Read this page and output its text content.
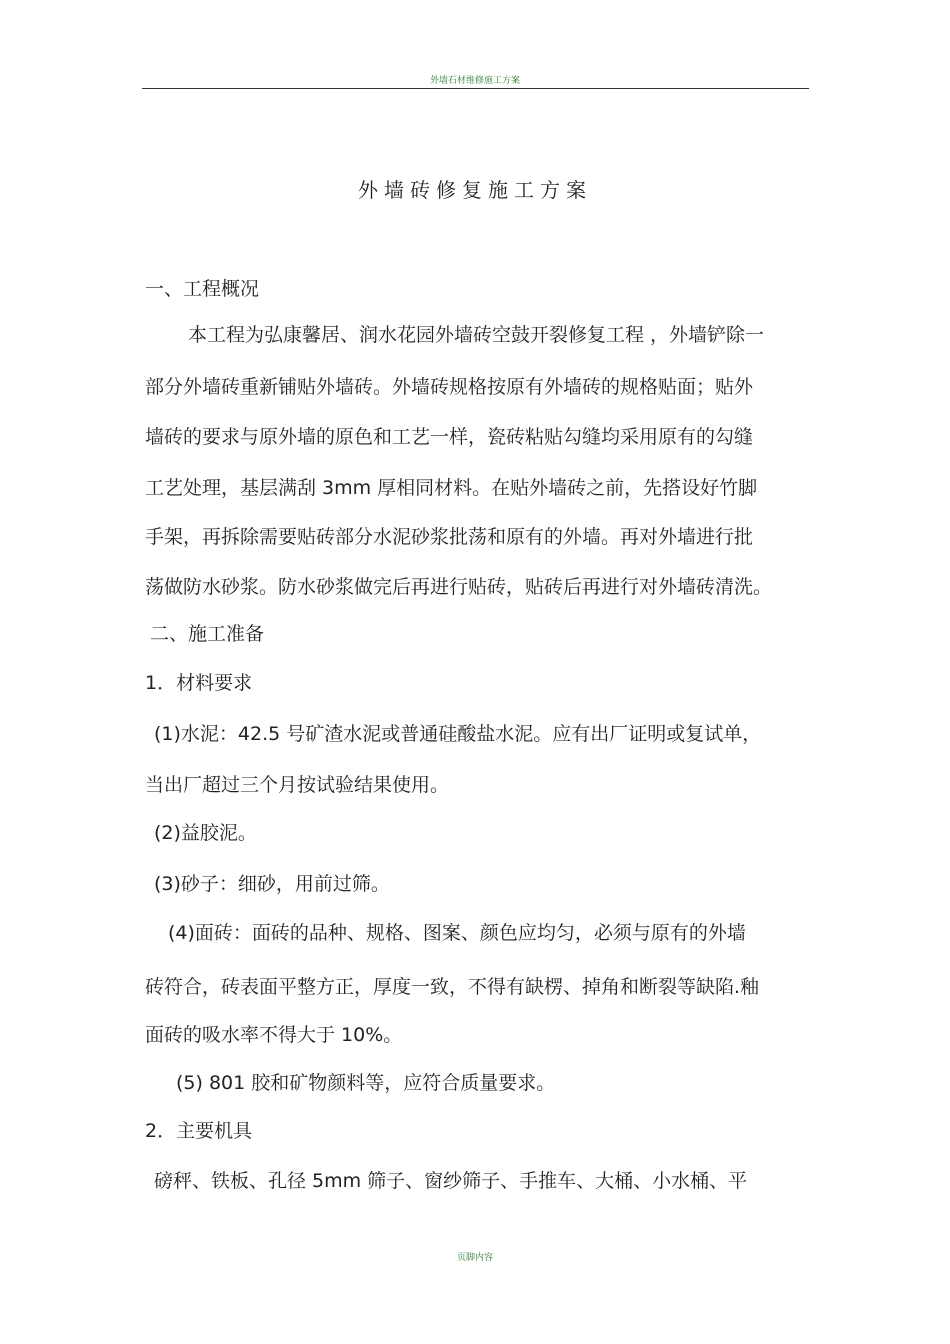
外墙石材维修施工方案
外墙砖修复施工方案
一、工程概况
本工程为弘康馨居、润水花园外墙砖空鼓开裂修复工程 ，外墙铲除一
部分外墙砖重新铺贴外墙砖。外墙砖规格按原有外墙砖的规格贴面；贴外
墙砖的要求与原外墙的原色和工艺一样，瓷砖粘贴勾缝均采用原有的勾缝
工艺处理，基层满刮 3mm 厚相同材料。在贴外墙砖之前，先搭设好竹脚
手架，再拆除需要贴砖部分水泥砂浆批荡和原有的外墙。再对外墙进行批
荡做防水砂浆。防水砂浆做完后再进行贴砖，贴砖后再进行对外墙砖清洗。
二、施工准备
1．材料要求
(1)水泥：42.5 号矿渣水泥或普通硅酸盐水泥。应有出厂证明或复试单，
当出厂超过三个月按试验结果使用。
(2)益胶泥。
(3)砂子：细砂，用前过筛。
(4)面砖：面砖的品种、规格、图案、颜色应均匀，必须与原有的外墙
砖符合，砖表面平整方正，厚度一致，不得有缺楞、掉角和断裂等缺陷.釉
面砖的吸水率不得大于 10%。
(5) 801 胶和矿物颜料等，应符合质量要求。
2．主要机具
磅秤、铁板、孔径 5mm 筛子、窗纱筛子、手推车、大桶、小水桶、平
页脚内容
